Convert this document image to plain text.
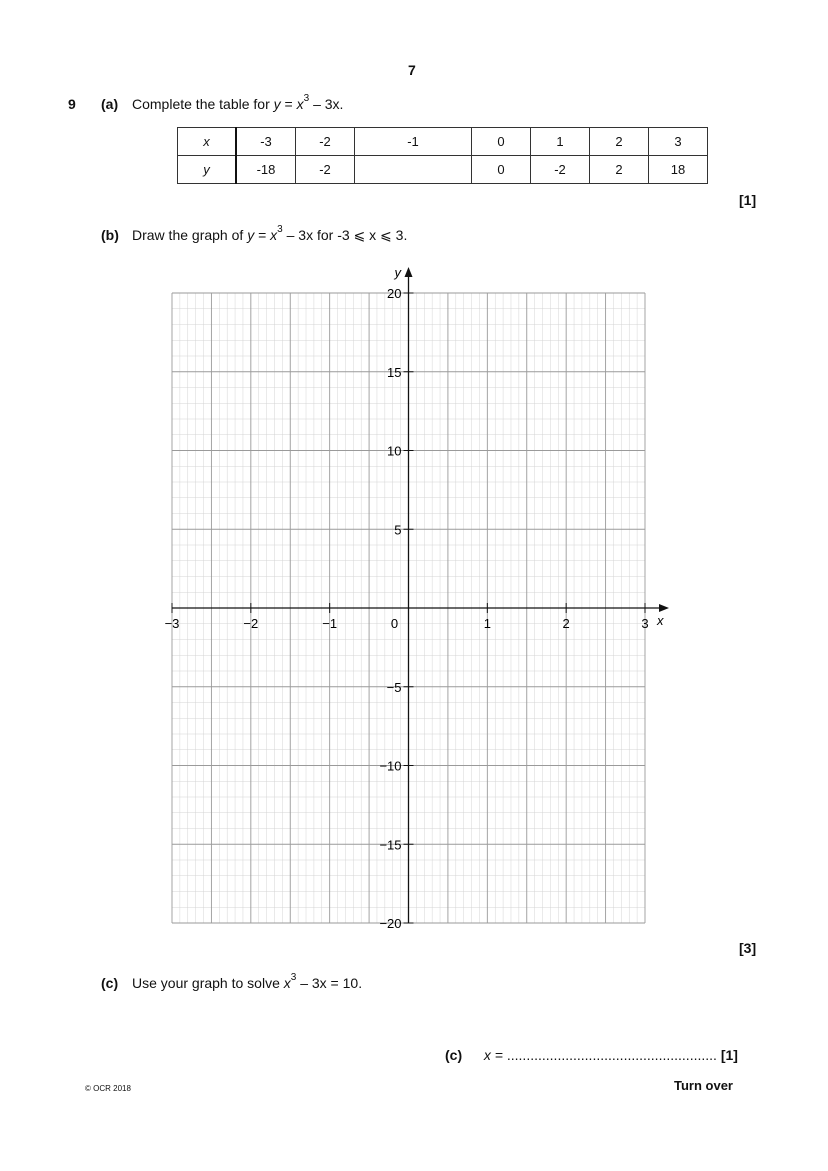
7
9 (a) Complete the table for $y = x^3 - 3x$.
x	-3	-2	-1	0	1	2	3
y	-18	-2		0	-2	2	18
[1]
(b) Draw the graph of $y = x^3 - 3x$ for -3 ⩽ x ⩽ 3.
y
x
−3	−2	−1	0	1	2	3
20
15
10
5
−5
−10
−15
−20
[3]
(c) Use your graph to solve $x^3 - 3x = 10$.
(c) x = ...................................................... [1]
© OCR 2018	Turn over
